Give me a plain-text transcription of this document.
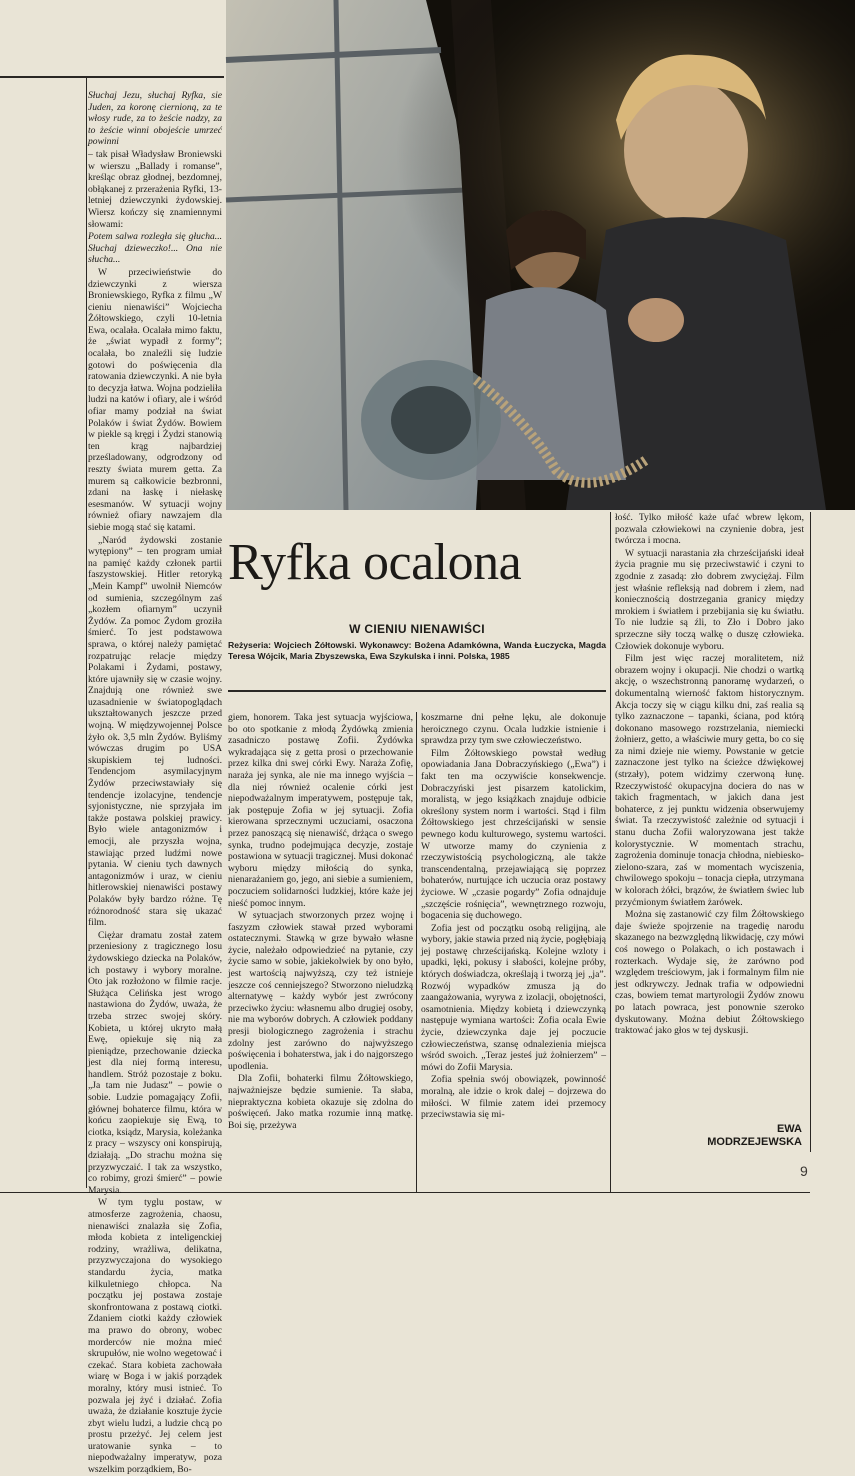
Słuchaj Jezu, słuchaj Ryfka, sie Juden, za koronę ciernioną, za te włosy rude, za to żeście nadzy, za to żeście winni obojeście umrzeć powinni

– tak pisał Władysław Broniewski w wierszu „Ballady i romanse”, kreśląc obraz głodnej, bezdomnej, obłąkanej z przerażenia Ryfki, 13-letniej dziewczynki żydowskiej. Wiersz kończy się znamiennymi słowami:

Potem salwa rozległa się głucha... Słuchaj dzieweczko!... Ona nie słucha...

W przeciwieństwie do dziewczynki z wiersza Broniewskiego, Ryfka z filmu „W cieniu nienawiści” Wojciecha Żółtowskiego, czyli 10-letnia Ewa, ocalała. Ocalała mimo faktu, że „świat wypadł z formy”; ocalała, bo znaleźli się ludzie gotowi do poświęcenia dla ratowania dziewczynki. A nie była to decyzja łatwa. Wojna podzieliła ludzi na katów i ofiary, ale i wśród ofiar mamy podział na świat Polaków i świat Żydów. Bowiem w piekle są kręgi i Żydzi stanowią ten krąg najbardziej prześladowany, odgrodzony od reszty świata murem getta. Za murem są całkowicie bezbronni, zdani na łaskę i niełaskę esesmanów. W sytuacji wojny również ofiary nawzajem dla siebie mogą stać się katami.

„Naród żydowski zostanie wytępiony” – ten program umiał na pamięć każdy członek partii faszystowskiej. Hitler retoryką „Mein Kampf” uwolnił Niemców od sumienia, szczególnym zaś „kozłem ofiarnym” uczynił Żydów. Za pomoc Żydom groziła śmierć. To jest podstawowa sprawa, o której należy pamiętać rozpatrując relacje między Polakami i Żydami, postawy, które ujawniły się w czasie wojny. Znajdują one również swe uzasadnienie w światopoglądach ukształtowanych jeszcze przed wojną. W międzywojennej Polsce żyło ok. 3,5 mln Żydów. Byliśmy wówczas drugim po USA skupiskiem tej ludności. Tendencjom asymilacyjnym Żydów przeciwstawiały się tendencje izolacyjne, tendencje syjonistyczne, nie sprzyjała im także postawa polskiej prawicy. Było wiele antagonizmów i emocji, ale przyszła wojna, stawiając przed ludźmi nowe pytania. W cieniu tych dawnych antagonizmów i uraz, w cieniu hitlerowskiej nienawiści postawy Polaków były bardzo różne. Tę różnorodność stara się ukazać film.

Ciężar dramatu został zatem przeniesiony z tragicznego losu żydowskiego dziecka na Polaków, ich postawy i wybory moralne. Oto jak rozłożono w filmie racje. Służąca Celińska jest wrogo nastawiona do Żydów, uważa, że trzeba strzec swojej skóry. Kobieta, u której ukryto małą Ewę, opiekuje się nią za pieniądze, przechowanie dziecka jest dla niej formą interesu, handlem. Stróż pozostaje z boku. „Ja tam nie Judasz” – powie o sobie. Ludzie pomagający Zofii, głównej bohaterce filmu, która w końcu zaopiekuje się Ewą, to ciotka, ksiądz, Marysia, koleżanka z pracy – wszyscy oni konspirują, działają. „Do strachu można się przyzwyczaić. I tak za wszystko, co robimy, grozi śmierć” – powie Marysia.

W tym tyglu postaw, w atmosferze zagrożenia, chaosu, nienawiści znalazła się Zofia, młoda kobieta z inteligenckiej rodziny, wrażliwa, delikatna, przyzwyczajona do wysokiego standardu życia, matka kilkuletniego chłopca. Na początku jej postawa zostaje skonfrontowana z postawą ciotki. Zdaniem ciotki każdy człowiek ma prawo do obrony, wobec morderców nie można mieć skrupułów, nie wolno wegetować i czekać. Stara kobieta zachowała wiarę w Boga i w jakiś porządek moralny, który musi istnieć. To pozwala jej żyć i działać. Zofia uważa, że działanie kosztuje życie zbyt wielu ludzi, a ludzie chcą po prostu przeżyć. Jej celem jest uratowanie synka – to niepodważalny imperatyw, poza wszelkim porządkiem, Bo-

Ryfka ocalona
W CIENIU NIENAWIŚCI
Reżyseria: Wojciech Żółtowski. Wykonawcy: Bożena Adamkówna, Wanda Łuczycka, Magda Teresa Wójcik, Maria Zbyszewska, Ewa Szykulska i inni. Polska, 1985

giem, honorem. Taka jest sytuacja wyjściowa, bo oto spotkanie z młodą Żydówką zmienia zasadniczo postawę Zofii. Żydówka wykradająca się z getta prosi o przechowanie przez kilka dni swej córki Ewy. Naraża Zofię, naraża jej synka, ale nie ma innego wyjścia – dla niej również ocalenie córki jest niepodważalnym imperatywem, postępuje tak, jak postępuje Zofia w jej sytuacji. Zofia kierowana sprzecznymi uczuciami, osaczona przez panoszącą się nienawiść, drżąca o swego synka, trudno podejmująca decyzje, zostaje postawiona w sytuacji tragicznej. Musi dokonać wyboru między miłością do synka, nienarażaniem go, jego, ani siebie a sumieniem, poczuciem solidarności ludzkiej, które każe jej nieść pomoc innym.

W sytuacjach stworzonych przez wojnę i faszyzm człowiek stawał przed wyborami ostatecznymi. Stawką w grze bywało własne życie, należało odpowiedzieć na pytanie, czy życie samo w sobie, jakiekolwiek by ono było, jest wartością najwyższą, czy też istnieje jeszcze coś cenniejszego? Stworzono nieludzką alternatywę – każdy wybór jest zwrócony przeciwko życiu: własnemu albo drugiej osoby, nie ma wyborów dobrych. A człowiek poddany presji biologicznego zagrożenia i strachu zdolny jest zarówno do najwyższego poświęcenia i bohaterstwa, jak i do najgorszego upodlenia.

Dla Zofii, bohaterki filmu Żółtowskiego, najważniejsze będzie sumienie. Ta słaba, niepraktyczna kobieta okazuje się zdolna do poświęceń. Jako matka rozumie inną matkę. Boi się, przeżywa

koszmarne dni pełne lęku, ale dokonuje heroicznego czynu. Ocala ludzkie istnienie i sprawdza przy tym swe człowieczeństwo.

Film Żółtowskiego powstał według opowiadania Jana Dobraczyńskiego („Ewa”) i fakt ten ma oczywiście konsekwencje. Dobraczyński jest pisarzem katolickim, moralistą, w jego książkach znajduje odbicie określony system norm i wartości. Stąd i film Żółtowskiego jest chrześcijański w sensie pewnego kodu kulturowego, systemu wartości. W utworze mamy do czynienia z rzeczywistością psychologiczną, ale także transcendentalną, przejawiającą się poprzez bohaterów, nurtujące ich uczucia oraz postawy życiowe. W „czasie pogardy” Zofia odnajduje „szczęście rośnięcia”, wewnętrznego rozwoju, bogacenia się duchowego.

Zofia jest od początku osobą religijną, ale wybory, jakie stawia przed nią życie, pogłębiają jej postawę chrześcijańską. Kolejne wzloty i upadki, lęki, pokusy i słabości, kolejne próby, których doświadcza, określają i tworzą jej „ja”. Rozwój wypadków zmusza ją do zaangażowania, wyrywa z izolacji, obojętności, osamotnienia. Między kobietą i dziewczynką następuje wymiana wartości: Zofia ocala Ewie życie, dziewczynka daje jej poczucie człowieczeństwa, szansę odnalezienia miejsca wśród swoich. „Teraz jesteś już żołnierzem” – mówi do Zofii Marysia.

Zofia spełnia swój obowiązek, powinność moralną, ale idzie o krok dalej – dojrzewa do miłości. W filmie zatem idei przemocy przeciwstawia się mi-

łość. Tylko miłość każe ufać wbrew lękom, pozwala człowiekowi na czynienie dobra, jest twórcza i mocna.

W sytuacji narastania zła chrześcijański ideał życia pragnie mu się przeciwstawić i czyni to zgodnie z zasadą: zło dobrem zwyciężaj. Film jest właśnie refleksją nad dobrem i złem, nad koniecznością dostrzegania granicy między mrokiem i światłem i przebijania się ku światłu. To nie ludzie są źli, to Zło i Dobro jako sprzeczne siły toczą walkę o duszę człowieka. Człowiek dokonuje wyboru.

Film jest więc raczej moralitetem, niż obrazem wojny i okupacji. Nie chodzi o wartką akcję, o wszechstronną panoramę wydarzeń, o dokumentalną wierność faktom historycznym. Akcja toczy się w ciągu kilku dni, zaś realia są tylko zaznaczone – tapanki, ściana, pod którą dokonano masowego rozstrzelania, niemiecki żołnierz, getto, a właściwie mury getta, bo co się za nimi dzieje nie wiemy. Powstanie w getcie zaznaczone jest tylko na ścieżce dźwiękowej (strzały), potem widzimy czerwoną łunę. Rzeczywistość okupacyjna dociera do nas w takich fragmentach, w jakich dana jest bohaterce, z jej punktu widzenia obserwujemy świat. Ta rzeczywistość zależnie od sytuacji i stanu ducha Zofii waloryzowana jest także kolorystycznie. W momentach strachu, zagrożenia dominuje tonacja chłodna, niebiesko-zielono-szara, zaś w momentach wyciszenia, chwilowego spokoju – tonacja ciepła, utrzymana w kolorach żółci, brązów, że światłem świec lub przyćmionym światłem żarówek.

Można się zastanowić czy film Żółtowskiego daje świeże spojrzenie na tragedię narodu skazanego na bezwzględną likwidację, czy mówi coś nowego o Polakach, o ich postawach i rozterkach. Wydaje się, że zarówno pod względem treściowym, jak i formalnym film nie jest odkrywczy. Jednak trafia w odpowiedni czas, bowiem temat martyrologii Żydów znowu po latach powraca, jest ponownie szeroko dyskutowany. Można debiut Żółtowskiego traktować jako głos w tej dyskusji.

EWA
MODRZEJEWSKA
9
